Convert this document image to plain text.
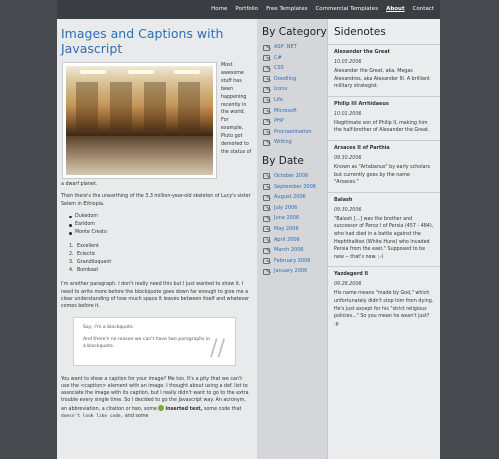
Home Portfolio Free Templates Commercial Templates About Contact
Images and Captions with Javascript
Most awesome stuff has been happening recently in the world. For example, Pluto got demoted to the status of

a dwarf planet.

Then there's the unearthing of the 3.3 million-year-old skeleton of Lucy's sister Selem in Ethiopia.

Dukedom
Earldom
Monte Cresto
1. Excellent
2. Eclectic
3. Grandiloquent
4. Bombast

I'm another paragraph. I don't really need this but I just wanted to show it. I need to write more before the blockquote goes down far enough to give me a clear understanding of how much space it leaves between itself and whatever comes before it.

Say, I'm a blockquote.

And there's no reason we can't have two paragraphs in a blockquote.	//

You want to show a caption for your image? Me too. It's a pity that we can't use the <caption> element with an image. I thought about using a def. list to associate the image with its caption, but I really didn't want to go to the extra trouble every single time. So I decided to go the Javascript way. An acronym, an abbreviation, a citation or two, some inserted text, some code that doesn't look like code, and some

By Category
ASP .NET
C#
CSS
Doodling
Icons
Life
Microsoft
PHP
Procrastination
Writing
By Date
October 2006
September 2006
August 2006
July 2006
June 2006
May 2006
April 2006
March 2006
February 2006
January 2006
Sidenotes
Alexander the Great
10.03.2006

Alexander the Great, aka, Megas Alexandros, aka Alexander III. A brilliant military strategist.

Philip III Arrhidaeus
10.01.2006

Illegitimate son of Philip II, making him the half-brother of Alexander the Great.

Arsaces II of Parthia
09.30.2006

Known as "Artabanus" by early scholars but currently goes by the name "Arsaces."

Balash
09.30.2006

"Balash [...] was the brother and successor of Peroz I of Persia (457 - 484), who had died in a battle against the Hephthalites (White Huns) who invaded Persia from the east." Supposed to be new -- that's new. ;-)

Yazdegerd II
09.28.2006

His name means "made by God," which unfortunately didn't stop him from dying. He's just except for his "strict religious policies..." So you mean he wasn't just? :p
